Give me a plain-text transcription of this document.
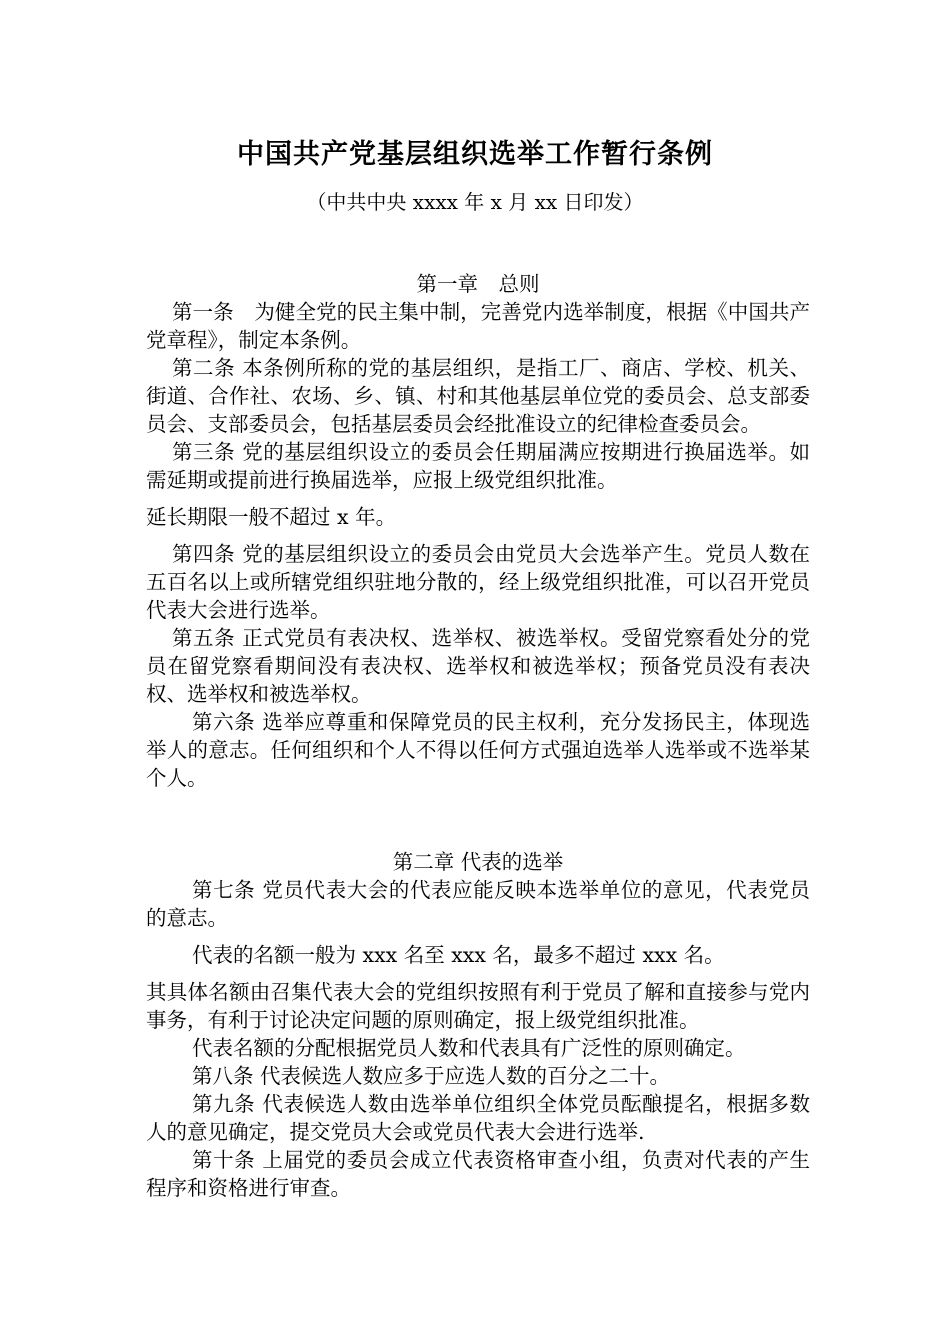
中国共产党基层组织选举工作暂行条例
（中共中央 xxxx 年 x 月 xx 日印发）

第一章　总则

第一条　为健全党的民主集中制，完善党内选举制度，根据《中国共产党章程》，制定本条例。

第二条 本条例所称的党的基层组织，是指工厂、商店、学校、机关、街道、合作社、农场、乡、镇、村和其他基层单位党的委员会、总支部委员会、支部委员会，包括基层委员会经批准设立的纪律检查委员会。

第三条 党的基层组织设立的委员会任期届满应按期进行换届选举。如需延期或提前进行换届选举，应报上级党组织批准。

延长期限一般不超过 x 年。

第四条 党的基层组织设立的委员会由党员大会选举产生。党员人数在五百名以上或所辖党组织驻地分散的，经上级党组织批准，可以召开党员代表大会进行选举。

第五条 正式党员有表决权、选举权、被选举权。受留党察看处分的党员在留党察看期间没有表决权、选举权和被选举权；预备党员没有表决权、选举权和被选举权。

第六条 选举应尊重和保障党员的民主权利，充分发扬民主，体现选举人的意志。任何组织和个人不得以任何方式强迫选举人选举或不选举某个人。

第二章 代表的选举

第七条 党员代表大会的代表应能反映本选举单位的意见，代表党员的意志。

代表的名额一般为 xxx 名至 xxx 名，最多不超过 xxx 名。

其具体名额由召集代表大会的党组织按照有利于党员了解和直接参与党内事务，有利于讨论决定问题的原则确定，报上级党组织批准。

代表名额的分配根据党员人数和代表具有广泛性的原则确定。

第八条 代表候选人数应多于应选人数的百分之二十。

第九条 代表候选人数由选举单位组织全体党员酝酿提名，根据多数人的意见确定，提交党员大会或党员代表大会进行选举.

第十条 上届党的委员会成立代表资格审查小组，负责对代表的产生程序和资格进行审查。
